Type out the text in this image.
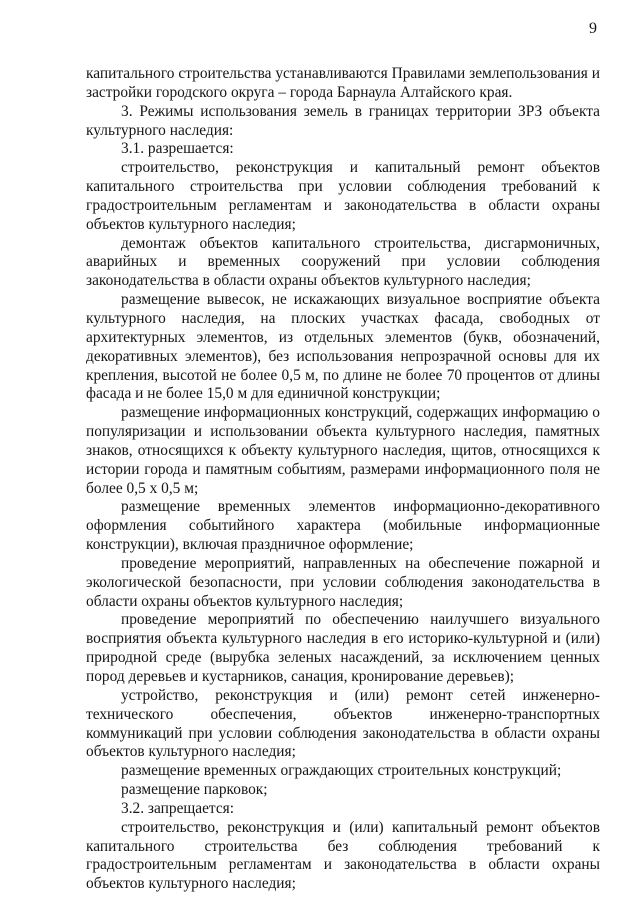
9

капитального строительства устанавливаются Правилами землепользования и застройки городского округа – города Барнаула Алтайского края.

3. Режимы использования земель в границах территории ЗРЗ объекта культурного наследия:

3.1. разрешается:

строительство, реконструкция и капитальный ремонт объектов капитального строительства при условии соблюдения требований к градостроительным регламентам и законодательства в области охраны объектов культурного наследия;

демонтаж объектов капитального строительства, дисгармоничных, аварийных и временных сооружений при условии соблюдения законодательства в области охраны объектов культурного наследия;

размещение вывесок, не искажающих визуальное восприятие объекта культурного наследия, на плоских участках фасада, свободных от архитектурных элементов, из отдельных элементов (букв, обозначений, декоративных элементов), без использования непрозрачной основы для их крепления, высотой не более 0,5 м, по длине не более 70 процентов от длины фасада и не более 15,0 м для единичной конструкции;

размещение информационных конструкций, содержащих информацию о популяризации и использовании объекта культурного наследия, памятных знаков, относящихся к объекту культурного наследия, щитов, относящихся к истории города и памятным событиям, размерами информационного поля не более 0,5 х 0,5 м;

размещение временных элементов информационно-декоративного оформления событийного характера (мобильные информационные конструкции), включая праздничное оформление;

проведение мероприятий, направленных на обеспечение пожарной и экологической безопасности, при условии соблюдения законодательства в области охраны объектов культурного наследия;

проведение мероприятий по обеспечению наилучшего визуального восприятия объекта культурного наследия в его историко-культурной и (или) природной среде (вырубка зеленых насаждений, за исключением ценных пород деревьев и кустарников, санация, кронирование деревьев);

устройство, реконструкция и (или) ремонт сетей инженерно-технического обеспечения, объектов инженерно-транспортных коммуникаций при условии соблюдения законодательства в области охраны объектов культурного наследия;

размещение временных ограждающих строительных конструкций;

размещение парковок;

3.2. запрещается:

строительство, реконструкция и (или) капитальный ремонт объектов капитального строительства без соблюдения требований к градостроительным регламентам и законодательства в области охраны объектов культурного наследия;
